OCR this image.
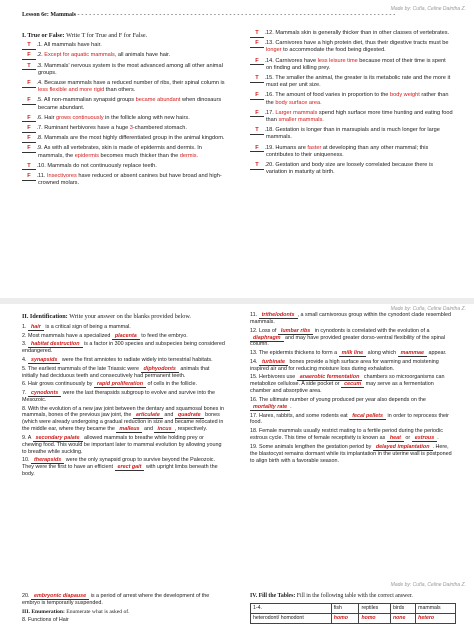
Made by: Cuña, Celine Daintha Z.
Lesson 6e: Mammals - - - - - - - - - - - - - - - - - - - - - - - - - - - - - - - - - - - - - - - - - - - - - - - - - - - - - - - - - - - - - - - - - - - - - - - - - - - - - - - - - -
I. True or False: Write T for True and F for False.
T .	1. All mammals have hair.
F .	2. Except for aquatic mammals, all animals have hair.
T .	3. Mammals' nervous system is the most advanced among all other animal groups.
F .	4. Because mammals have a reduced number of ribs, their spinal column is less flexible and more rigid than others.
F .	5. All non-mammalian synapsid groups became abundant when dinosaurs became abundant.
F .	6. Hair grows continuously in the follicle along with new hairs.
F .	7. Ruminant herbivores have a huge 3-chambered stomach.
F .	8. Mammals are the most highly differentiated group in the animal kingdom.
F .	9. As with all vertebrates, skin is made of epidermis and dermis. In mammals, the epidermis becomes much thicker than the dermis.
T .	10. Mammals do not continuously replace teeth.
F .	11. Insectivores have reduced or absent canines but have broad and high-crowned molars.
T .	12. Mammals skin is generally thicker than in other classes of vertebrates.
F .	13. Carnivores have a high protein diet, thus their digestive tracts must be longer to accommodate the food being digested.
F .	14. Carnivores have less leisure time because most of their time is spent on finding and killing prey.
T .	15. The smaller the animal, the greater is its metabolic rate and the more it must eat per unit size.
F .	16. The amount of food varies in proportion to the body weight rather than the body surface area.
F .	17. Larger mammals spend high surface more time hunting and eating food than smaller mammals.
T .	18. Gestation is longer than in marsupials and is much longer for large mammals.
F .	19. Humans are faster at developing than any other mammal; this contributes to their uniqueness.
T .	20. Gestation and body size are loosely correlated because there is variation in maturity at birth.
Made by: Cuña, Celine Daintha Z.
II. Identification: Write your answer on the blanks provided below.
1. hair is a critical sign of being a mammal.
2. Most mammals have a specialized placenta to feed the embryo.
3. habitat destruction is a factor in 300 species and subspecies being considered endangered.
4. synapsids were the first amniotes to radiate widely into terrestrial habitats.
5. The earliest mammals of the late Triassic were diphyodonts animals that initially had deciduous teeth and consecutively had permanent teeth.
6. Hair grows continuously by rapid proliferation of cells in the follicle.
7. cynodonts were the last therapsids subgroup to evolve and survive into the Mesozoic.
8. With the evolution of a new jaw joint between the dentary and squamosal bones in mammals, bones of the previous jaw joint, the articulate and quadrate bones (which were already undergoing a gradual reduction in size and became relocated in the middle ear, where they became the malleus and incus , respectively.
9. A secondary palate allowed mammals to breathe while holding prey or chewing food. This would be important later to mammal evolution by allowing young to breathe while suckling.
10. therapsids were the only synapsid group to survive beyond the Paleozoic. They were the first to have an efficient erect gait with upright limbs beneath the body.
11. trithelodonts , a small carnivorous group within the cynodont clade resembled mammals.
12. Loss of lumbar ribs in cynodonts is correlated with the evolution of a diaphragm and may have provided greater dorso-ventral flexibility of the spinal column.
13. The epidermis thickens to form a milk line along which mammae appear.
14. turbinate bones provide a high surface area for warming and moistening inspired air and for reducing moisture loss during exhalation.
15. Herbivores use anaerobic fermentation chambers so microorganisms can metabolize cellulose. A side pocket or cecum may serve as a fermentation chamber and absorptive area.
16. The ultimate number of young produced per year also depends on the mortality rate .
17. Hares, rabbits, and some rodents eat fecal pellets in order to reprocess their food.
18. Female mammals usually restrict mating to a fertile period during the periodic estrous cycle. This time of female receptivity is known as heat or estrous .
19. Some animals lengthen the gestation period by delayed implantation . Here, the blastocyst remains dormant while its implantation in the uterine wall is postponed to align birth with a favorable season.
Made by: Cuña, Celine Daintha Z.
20. embryonic diapause is a period of arrest where the development of the embryo is temporarily suspended.
III. Enumeration: Enumerate what is asked of.
8. Functions of Hair
IV. Fill the Tables: Fill in the following table with the correct answer.
1-4.	fish	reptiles	birds	mammals
heterodont/ homodont	homo	homo	none	hetero
